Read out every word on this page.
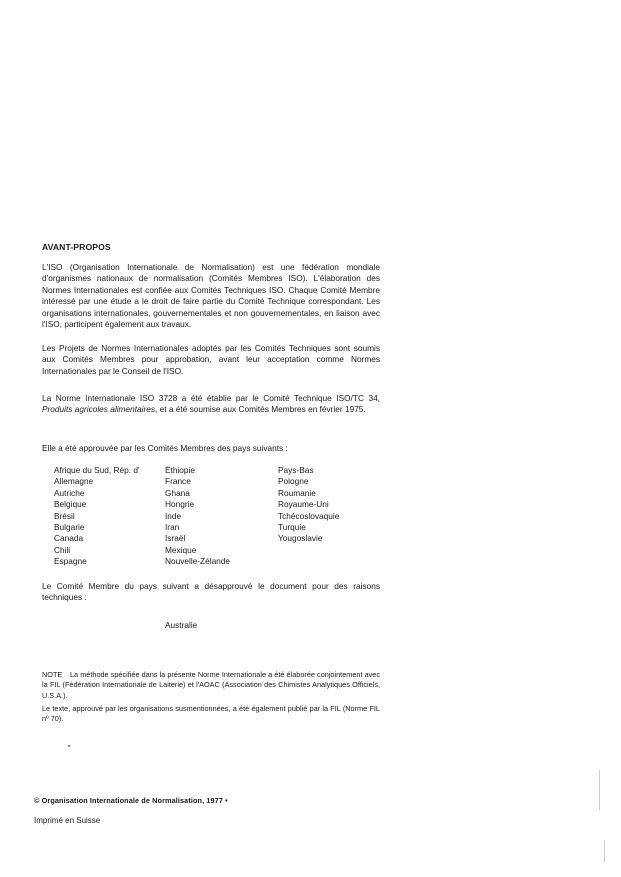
AVANT-PROPOS

L'ISO (Organisation Internationale de Normalisation) est une fédération mondiale d'organismes nationaux de normalisation (Comités Membres ISO). L'élaboration des Normes Internationales est confiée aux Comités Techniques ISO. Chaque Comité Membre intéressé par une étude a le droit de faire partie du Comité Technique correspondant. Les organisations internationales, gouvernementales et non gouvernementales, en liaison avec l'ISO, participent également aux travaux.

Les Projets de Normes Internationales adoptés par les Comités Techniques sont soumis aux Comités Membres pour approbation, avant leur acceptation comme Normes Internationales par le Conseil de l'ISO.

La Norme Internationale ISO 3728 a été établie par le Comité Technique ISO/TC 34, Produits agricoles alimentaires, et a été soumise aux Comités Membres en février 1975.

Elle a été approuvée par les Comités Membres des pays suivants :

Afrique du Sud, Rép. d'
Allemagne
Autriche
Belgique
Brésil
Bulgarie
Canada
Chili
Espagne
Éthiopie
France
Ghana
Hongrie
Inde
Iran
Israël
Mexique
Nouvelle-Zélande
Pays-Bas
Pologne
Roumanie
Royaume-Uni
Tchécoslovaquie
Turquie
Yougoslavie

Le Comité Membre du pays suivant a désapprouvé le document pour des raisons techniques :

Australie

NOTE La méthode spécifiée dans la présente Norme Internationale a été élaborée conjointement avec la FIL (Fédération Internationale de Laiterie) et l'AOAC (Association des Chimistes Analytiques Officiels, U.S.A.).

Le texte, approuvé par les organisations susmentionnées, a été également publié par la FIL (Norme FIL nº 70).

© Organisation Internationale de Normalisation, 1977 •
Imprimé en Suisse
